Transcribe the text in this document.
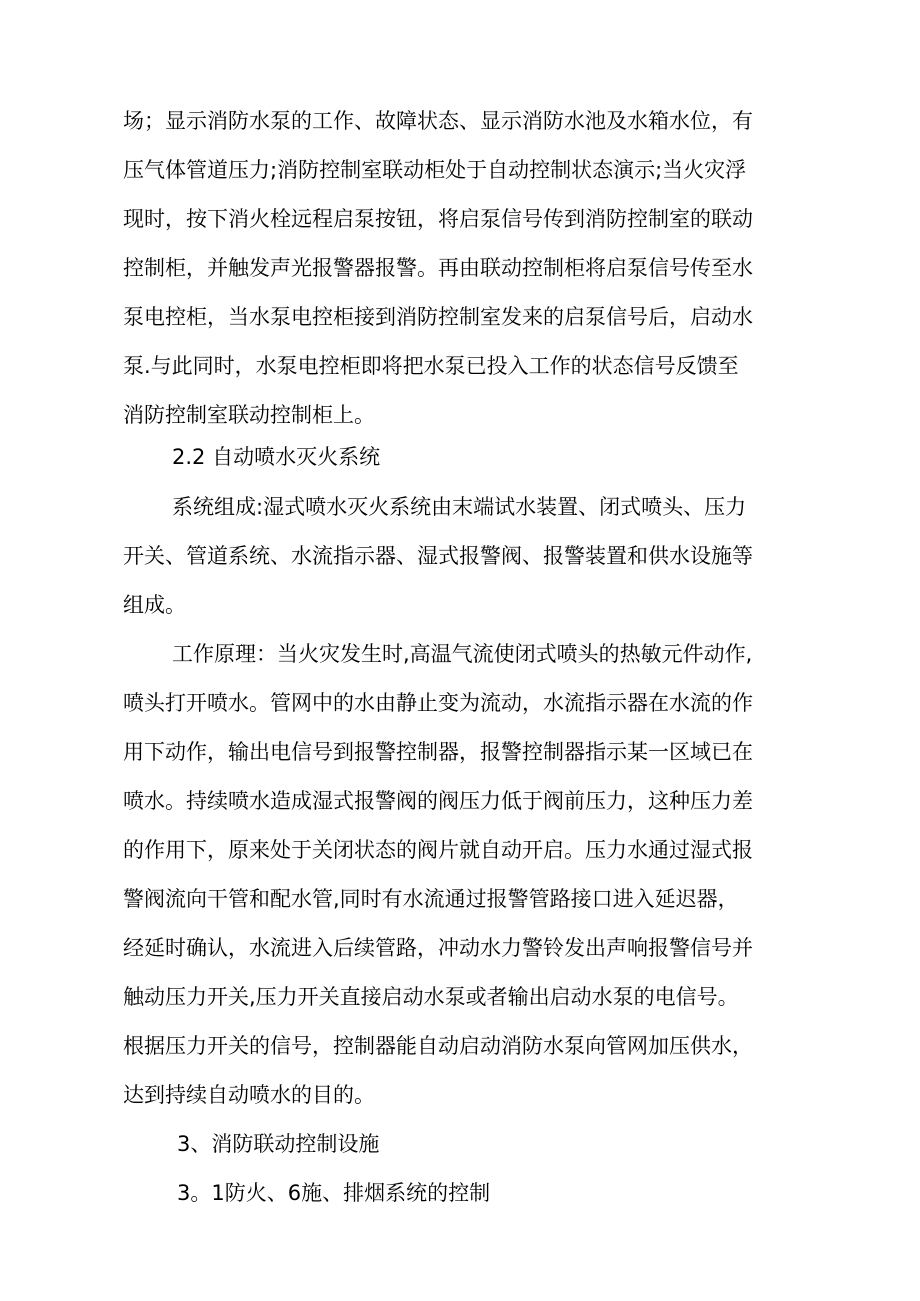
场；显示消防水泵的工作、故障状态、显示消防水池及水箱水位，有
压气体管道压力;消防控制室联动柜处于自动控制状态演示;当火灾浮
现时，按下消火栓远程启泵按钮，将启泵信号传到消防控制室的联动
控制柜，并触发声光报警器报警。再由联动控制柜将启泵信号传至水
泵电控柜，当水泵电控柜接到消防控制室发来的启泵信号后，启动水
泵.与此同时，水泵电控柜即将把水泵已投入工作的状态信号反馈至
消防控制室联动控制柜上。
2.2 自动喷水灭火系统
系统组成:湿式喷水灭火系统由末端试水装置、闭式喷头、压力
开关、管道系统、水流指示器、湿式报警阀、报警装置和供水设施等
组成。
工作原理：当火灾发生时,高温气流使闭式喷头的热敏元件动作,
喷头打开喷水。管网中的水由静止变为流动，水流指示器在水流的作
用下动作，输出电信号到报警控制器，报警控制器指示某一区域已在
喷水。持续喷水造成湿式报警阀的阀压力低于阀前压力，这种压力差
的作用下，原来处于关闭状态的阀片就自动开启。压力水通过湿式报
警阀流向干管和配水管,同时有水流通过报警管路接口进入延迟器，
经延时确认，水流进入后续管路，冲动水力警铃发出声响报警信号并
触动压力开关,压力开关直接启动水泵或者输出启动水泵的电信号。
根据压力开关的信号，控制器能自动启动消防水泵向管网加压供水，
达到持续自动喷水的目的。
3、消防联动控制设施
3。1防火、6施、排烟系统的控制
